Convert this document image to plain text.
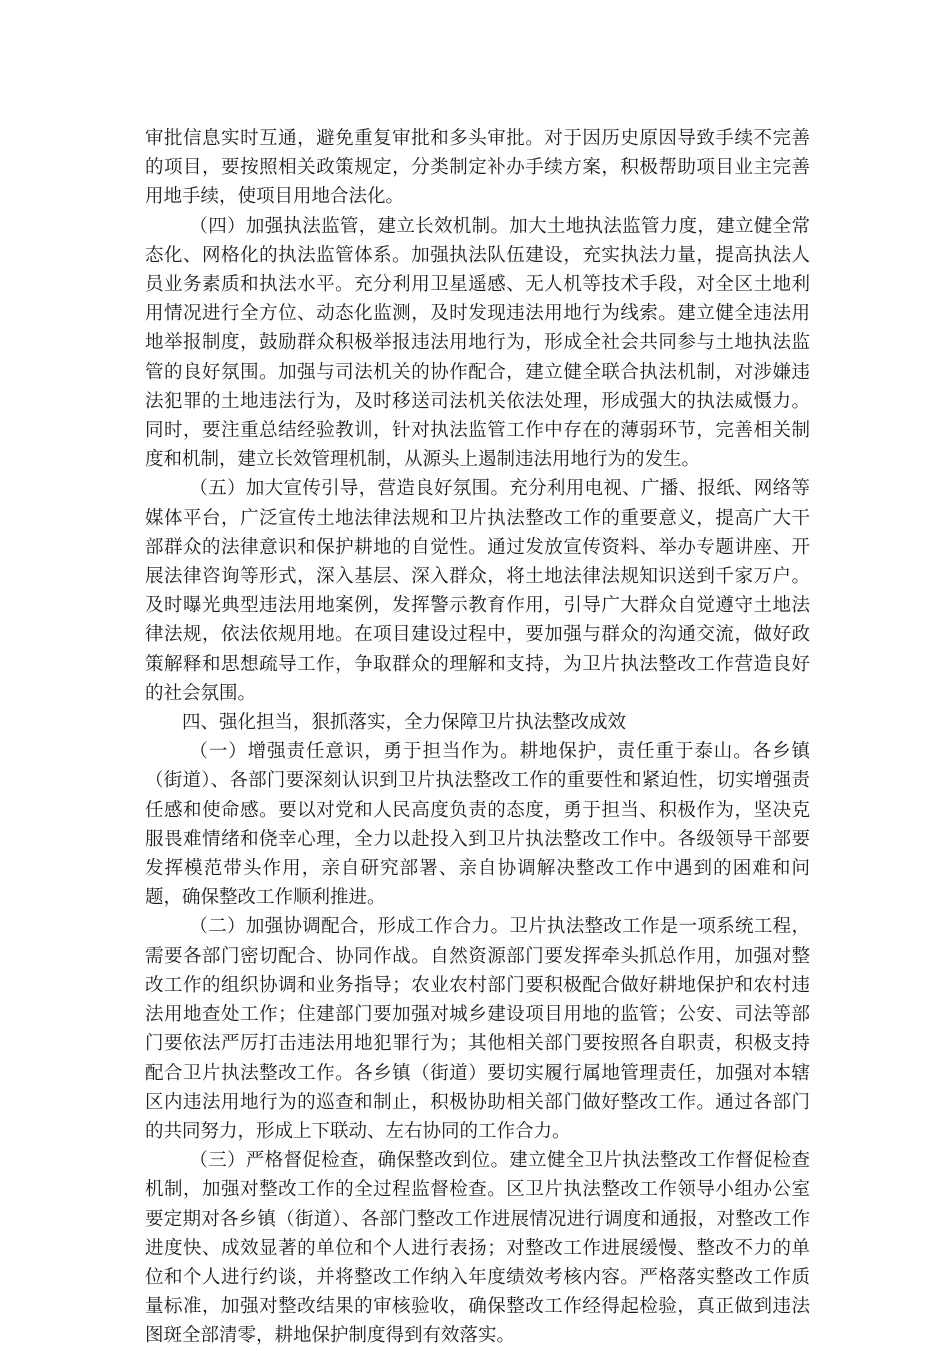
审批信息实时互通，避免重复审批和多头审批。对于因历史原因导致手续不完善的项目，要按照相关政策规定，分类制定补办手续方案，积极帮助项目业主完善用地手续，使项目用地合法化。

（四）加强执法监管，建立长效机制。加大土地执法监管力度，建立健全常态化、网格化的执法监管体系。加强执法队伍建设，充实执法力量，提高执法人员业务素质和执法水平。充分利用卫星遥感、无人机等技术手段，对全区土地利用情况进行全方位、动态化监测，及时发现违法用地行为线索。建立健全违法用地举报制度，鼓励群众积极举报违法用地行为，形成全社会共同参与土地执法监管的良好氛围。加强与司法机关的协作配合，建立健全联合执法机制，对涉嫌违法犯罪的土地违法行为，及时移送司法机关依法处理，形成强大的执法威慑力。同时，要注重总结经验教训，针对执法监管工作中存在的薄弱环节，完善相关制度和机制，建立长效管理机制，从源头上遏制违法用地行为的发生。

（五）加大宣传引导，营造良好氛围。充分利用电视、广播、报纸、网络等媒体平台，广泛宣传土地法律法规和卫片执法整改工作的重要意义，提高广大干部群众的法律意识和保护耕地的自觉性。通过发放宣传资料、举办专题讲座、开展法律咨询等形式，深入基层、深入群众，将土地法律法规知识送到千家万户。及时曝光典型违法用地案例，发挥警示教育作用，引导广大群众自觉遵守土地法律法规，依法依规用地。在项目建设过程中，要加强与群众的沟通交流，做好政策解释和思想疏导工作，争取群众的理解和支持，为卫片执法整改工作营造良好的社会氛围。

四、强化担当，狠抓落实，全力保障卫片执法整改成效

（一）增强责任意识，勇于担当作为。耕地保护，责任重于泰山。各乡镇（街道）、各部门要深刻认识到卫片执法整改工作的重要性和紧迫性，切实增强责任感和使命感。要以对党和人民高度负责的态度，勇于担当、积极作为，坚决克服畏难情绪和侥幸心理，全力以赴投入到卫片执法整改工作中。各级领导干部要发挥模范带头作用，亲自研究部署、亲自协调解决整改工作中遇到的困难和问题，确保整改工作顺利推进。

（二）加强协调配合，形成工作合力。卫片执法整改工作是一项系统工程，需要各部门密切配合、协同作战。自然资源部门要发挥牵头抓总作用，加强对整改工作的组织协调和业务指导；农业农村部门要积极配合做好耕地保护和农村违法用地查处工作；住建部门要加强对城乡建设项目用地的监管；公安、司法等部门要依法严厉打击违法用地犯罪行为；其他相关部门要按照各自职责，积极支持配合卫片执法整改工作。各乡镇（街道）要切实履行属地管理责任，加强对本辖区内违法用地行为的巡查和制止，积极协助相关部门做好整改工作。通过各部门的共同努力，形成上下联动、左右协同的工作合力。

（三）严格督促检查，确保整改到位。建立健全卫片执法整改工作督促检查机制，加强对整改工作的全过程监督检查。区卫片执法整改工作领导小组办公室要定期对各乡镇（街道）、各部门整改工作进展情况进行调度和通报，对整改工作进度快、成效显著的单位和个人进行表扬；对整改工作进展缓慢、整改不力的单位和个人进行约谈，并将整改工作纳入年度绩效考核内容。严格落实整改工作质量标准，加强对整改结果的审核验收，确保整改工作经得起检验，真正做到违法图斑全部清零，耕地保护制度得到有效落实。
